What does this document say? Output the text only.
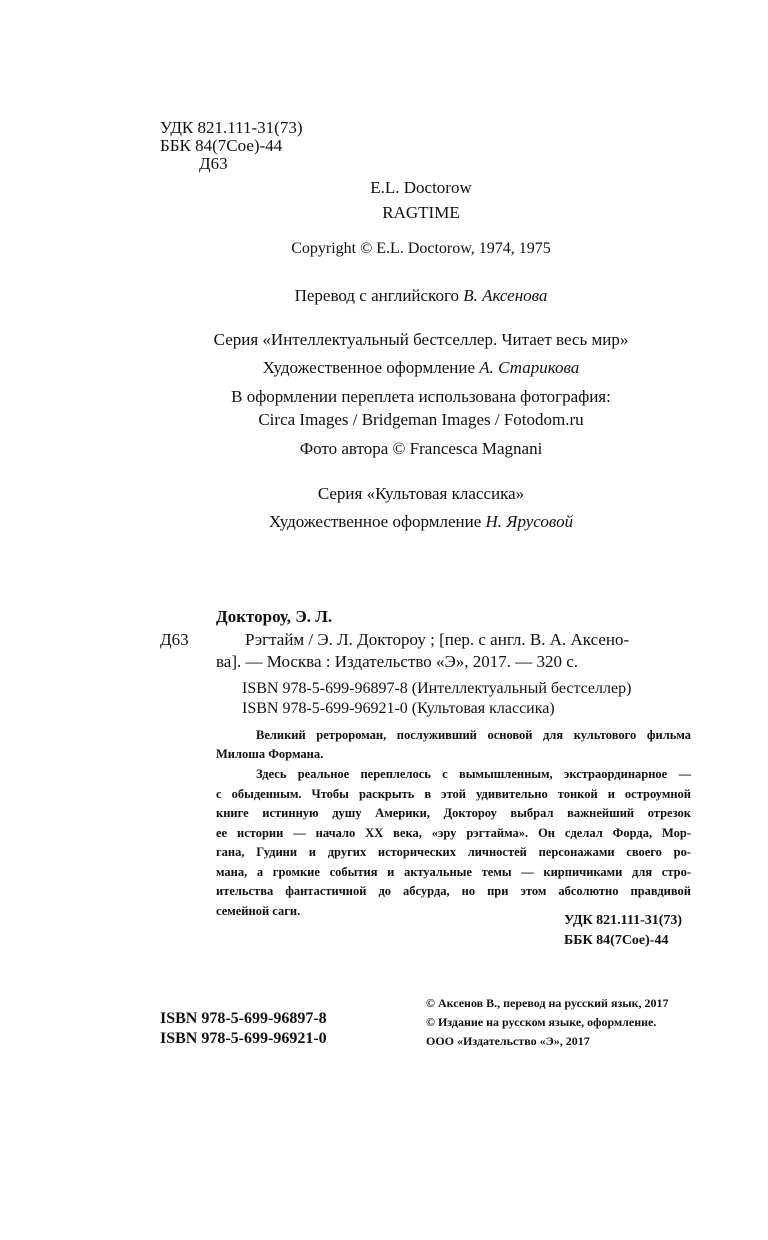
УДК 821.111-31(73)
ББК 84(7Сое)-44
Д63
E.L. Doctorow
RAGTIME
Copyright © E.L. Doctorow, 1974, 1975
Перевод с английского В. Аксенова
Серия «Интеллектуальный бестселлер. Читает весь мир»
Художественное оформление А. Старикова
В оформлении переплета использована фотография:
Circa Images / Bridgeman Images / Fotodom.ru
Фото автора © Francesca Magnani
Серия «Культовая классика»
Художественное оформление Н. Ярусовой
Доктороу, Э. Л.
Д63	Рэгтайм / Э. Л. Доктороу ; [пер. с англ. В. А. Аксено-
ва]. — Москва : Издательство «Э», 2017. — 320 с.
ISBN 978-5-699-96897-8 (Интеллектуальный бестселлер)
ISBN 978-5-699-96921-0 (Культовая классика)
Великий ретророман, послуживший основой для культового фильма
Милоша Формана.
Здесь реальное переплелось с вымышленным, экстраординарное —
с обыденным. Чтобы раскрыть в этой удивительно тонкой и остроумной
книге истинную душу Америки, Доктороу выбрал важнейший отрезок
ее истории — начало XX века, «эру рэгтайма». Он сделал Форда, Мор-
гана, Гудини и других исторических личностей персонажами своего ро-
мана, а громкие события и актуальные темы — кирпичиками для стро-
ительства фантастичной до абсурда, но при этом абсолютно правдивой
семейной саги.
УДК 821.111-31(73)
ББК 84(7Сое)-44
ISBN 978-5-699-96897-8
ISBN 978-5-699-96921-0
© Аксенов В., перевод на русский язык, 2017
© Издание на русском языке, оформление.
ООО «Издательство «Э», 2017
